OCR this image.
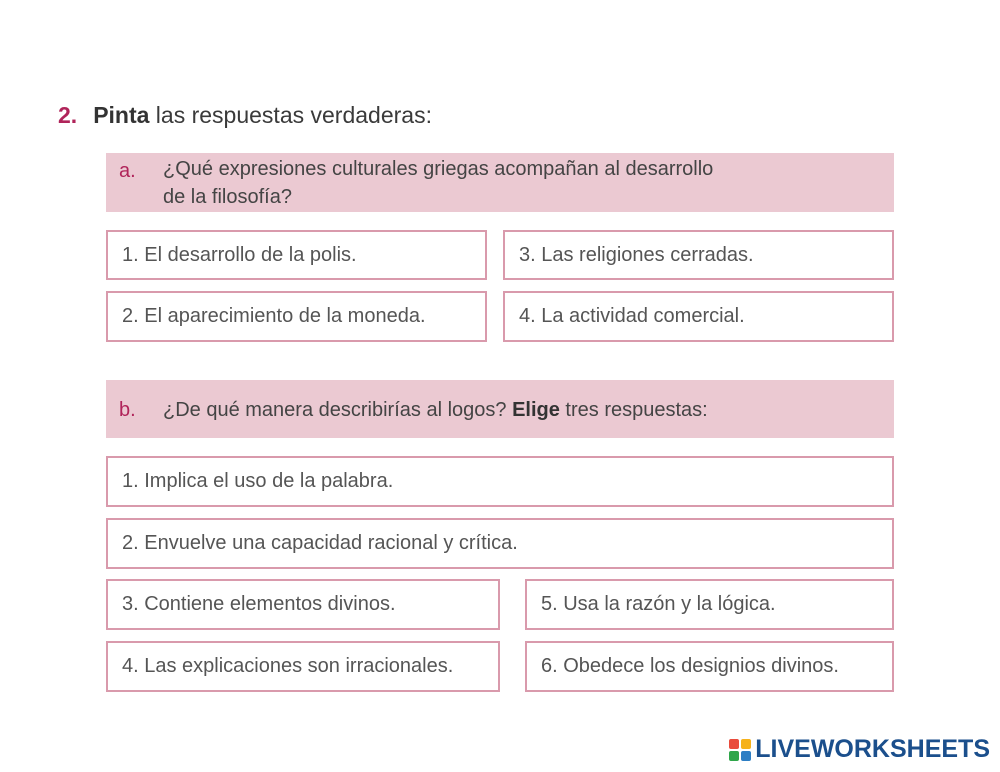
2. Pinta las respuestas verdaderas:
a. ¿Qué expresiones culturales griegas acompañan al desarrollo
de la filosofía?
1. El desarrollo de la polis.
2. El aparecimiento de la moneda.
3. Las religiones cerradas.
4. La actividad comercial.
b. ¿De qué manera describirías al logos? Elige tres respuestas:
1. Implica el uso de la palabra.
2. Envuelve una capacidad racional y crítica.
3. Contiene elementos divinos.
4. Las explicaciones son irracionales.
5. Usa la razón y la lógica.
6. Obedece los designios divinos.
LIVEWORKSHEETS
